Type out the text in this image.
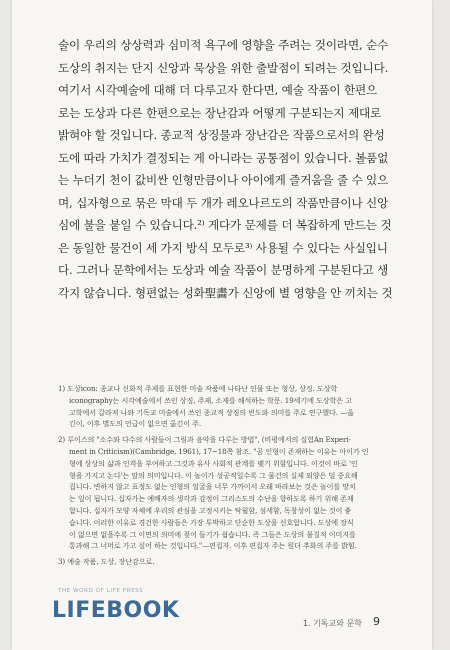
술이 우리의 상상력과 심미적 욕구에 영향을 주려는 것이라면, 순수
도상의 취지는 단지 신앙과 묵상을 위한 출발점이 되려는 것입니다.
여기서 시각예술에 대해 더 다루고자 한다면, 예술 작품이 한편으
로는 도상과 다른 한편으로는 장난감과 어떻게 구분되는지 제대로
밝혀야 할 것입니다. 종교적 상징물과 장난감은 작품으로서의 완성
도에 따라 가치가 결정되는 게 아니라는 공통점이 있습니다. 볼품없
는 누더기 천이 값비싼 인형만큼이나 아이에게 즐거움을 줄 수 있으
며, 십자형으로 묶은 막대 두 개가 레오나르도의 작품만큼이나 신앙
심에 불을 붙일 수 있습니다.²⁾ 게다가 문제를 더 복잡하게 만드는 것
은 동일한 물건이 세 가지 방식 모두로³⁾ 사용될 수 있다는 사실입니
다. 그러나 문학에서는 도상과 예술 작품이 분명하게 구분된다고 생
각지 않습니다. 형편없는 성화聖畵가 신앙에 별 영향을 안 끼치는 것
1) 도상icon: 종교나 신화적 주제를 표현한 미술 작품에 나타난 인물 또는 형상, 상징. 도상학
iconography는 시각예술에서 쓰인 상징, 주제, 소재를 해석하는 학문. 19세기에 도상학은 고
고학에서 갈라져 나와 기독교 미술에서 쓰인 종교적 상징의 빈도와 의미를 주로 연구했다. —옮
긴이, 이후 별도의 언급이 없으면 옮긴이 주.
2) 루이스의 "소수와 다수의 사람들이 그림과 음악을 다루는 방법", (비평에서의 실험An Experi-
ment in Criticism)(Cambridge, 1961), 17~18쪽 참조. "곰 인형이 존재하는 이유는 아이가 인
형에 상상의 삶과 인격을 부여하고 그것과 유사 사회적 관계를 맺기 위함입니다. 이것이 바로 '인
형을 가지고 논다'는 말의 의미입니다. 이 놀이가 성공적일수록 그 물건의 실제 외양은 덜 중요해
집니다. 변하지 않고 표정도 없는 인형의 얼굴을 너무 가까이서 오래 바라보는 것은 놀이를 망치
는 일이 됩니다. 십자가는 예배자의 생각과 감정이 그리스도의 수난을 향하도록 하기 위해 존재
합니다. 십자가 모양 자체에 우리의 관심을 고정시키는 탁월함, 섬세함, 독창성이 없는 것이 좋
습니다. 이러한 이유로 경건한 사람들은 가장 투박하고 단순한 도상을 선호합니다. 도상에 장식
이 없으면 없을수록 그 이면의 의미에 젖어 들기가 쉽습니다. 즉 그들은 도상의 물질적 이미지를
통과해 그 너머로 가고 싶어 하는 것입니다."—편집자. 이후 편집자 주는 원더 추화의 주를 밝힘.
3) 예술 작품, 도상, 장난감으로.
THE WORD OF LIFE PRESS
LIFEBOOK
1. 기독교와 문학 9
